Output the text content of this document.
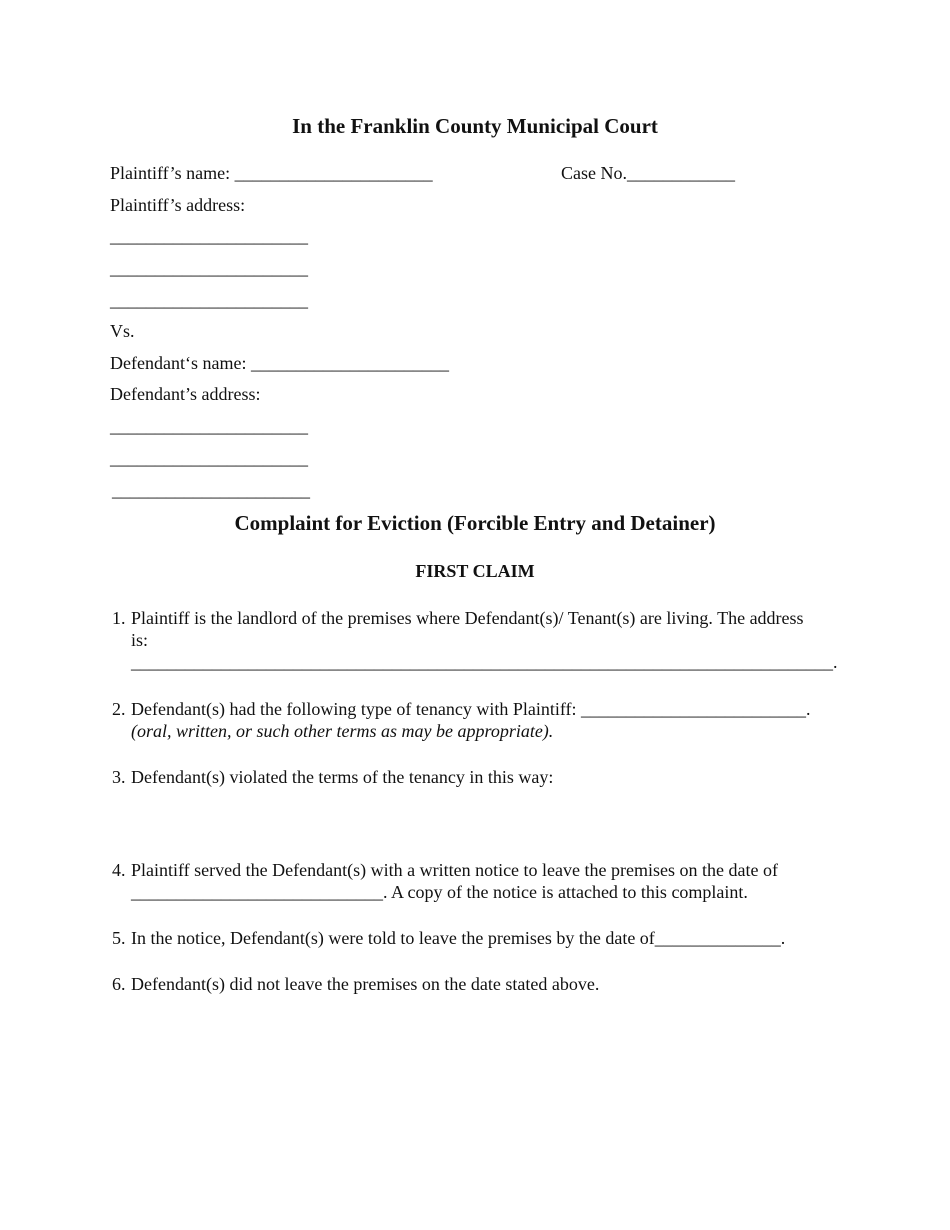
In the Franklin County Municipal Court
Plaintiff’s name: ______________________	Case No.____________
Plaintiff’s address:
______________________
______________________
______________________
Vs.
Defendant‘s name: ______________________
Defendant’s address:
______________________
______________________
______________________
Complaint for Eviction (Forcible Entry and Detainer)
FIRST CLAIM
1. Plaintiff is the landlord of the premises where Defendant(s)/ Tenant(s) are living. The address
is:
______________________________________________________________________________.
2. Defendant(s) had the following type of tenancy with Plaintiff: _________________________.
(oral, written, or such other terms as may be appropriate).
3. Defendant(s) violated the terms of the tenancy in this way:
4. Plaintiff served the Defendant(s) with a written notice to leave the premises on the date of
____________________________. A copy of the notice is attached to this complaint.
5. In the notice, Defendant(s) were told to leave the premises by the date of______________.
6. Defendant(s) did not leave the premises on the date stated above.
